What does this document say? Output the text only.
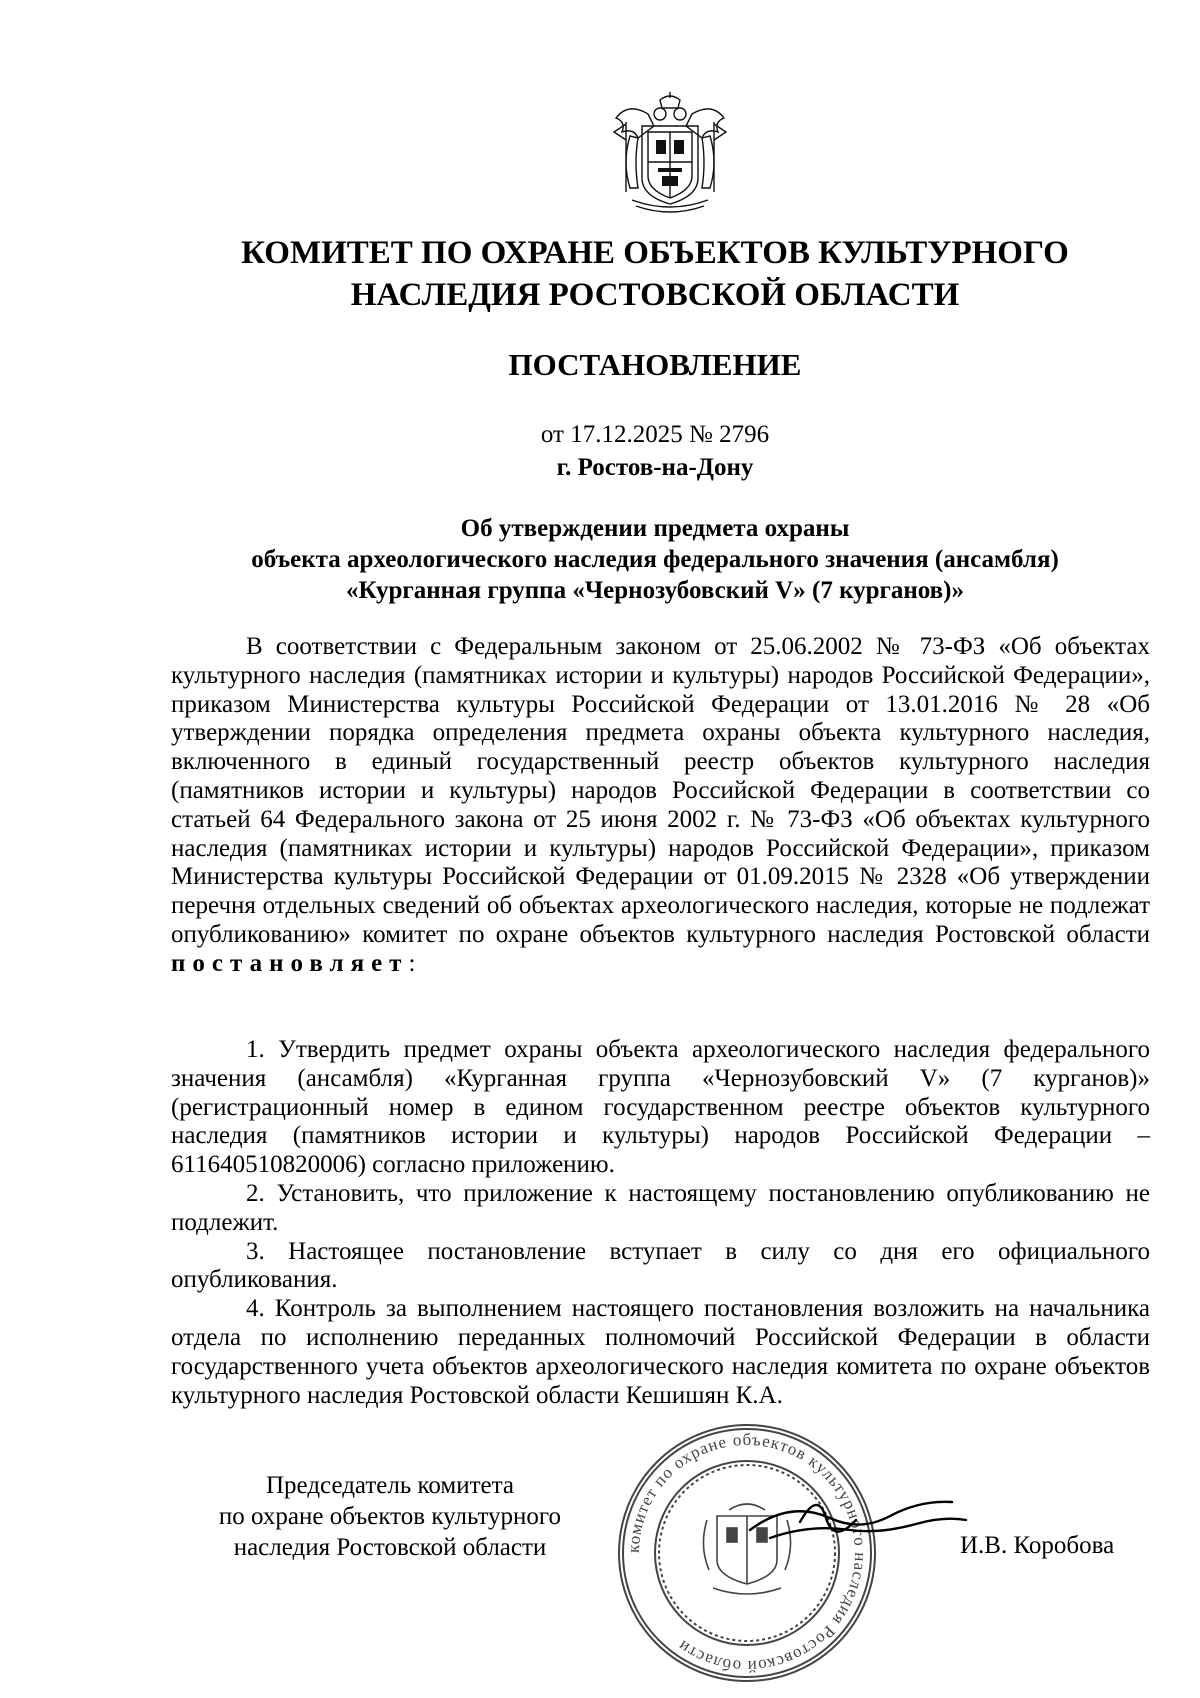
КОМИТЕТ ПО ОХРАНЕ ОБЪЕКТОВ КУЛЬТУРНОГО
НАСЛЕДИЯ РОСТОВСКОЙ ОБЛАСТИ
ПОСТАНОВЛЕНИЕ
от 17.12.2025 № 2796
г. Ростов-на-Дону
Об утверждении предмета охраны
объекта археологического наследия федерального значения (ансамбля)
«Курганная группа «Чернозубовский V» (7 курганов)»

В соответствии с Федеральным законом от 25.06.2002 № 73-ФЗ «Об объектах культурного наследия (памятниках истории и культуры) народов Российской Федерации», приказом Министерства культуры Российской Федерации от 13.01.2016 № 28 «Об утверждении порядка определения предмета охраны объекта культурного наследия, включенного в единый государственный реестр объектов культурного наследия (памятников истории и культуры) народов Российской Федерации в соответствии со статьей 64 Федерального закона от 25 июня 2002 г. № 73-ФЗ «Об объектах культурного наследия (памятниках истории и культуры) народов Российской Федерации», приказом Министерства культуры Российской Федерации от 01.09.2015 № 2328 «Об утверждении перечня отдельных сведений об объектах археологического наследия, которые не подлежат опубликованию» комитет по охране объектов культурного наследия Ростовской области постановляет:

1. Утвердить предмет охраны объекта археологического наследия федерального значения (ансамбля) «Курганная группа «Чернозубовский V» (7 курганов)» (регистрационный номер в едином государственном реестре объектов культурного наследия (памятников истории и культуры) народов Российской Федерации – 611640510820006) согласно приложению.

2. Установить, что приложение к настоящему постановлению опубликованию не подлежит.

3. Настоящее постановление вступает в силу со дня его официального опубликования.

4. Контроль за выполнением настоящего постановления возложить на начальника отдела по исполнению переданных полномочий Российской Федерации в области государственного учета объектов археологического наследия комитета по охране объектов культурного наследия Ростовской области Кешишян К.А.

Председатель комитета
по охране объектов культурного
наследия Ростовской области	комитет по охране объектов культурного наследия Ростовской области
И.В. Коробова
